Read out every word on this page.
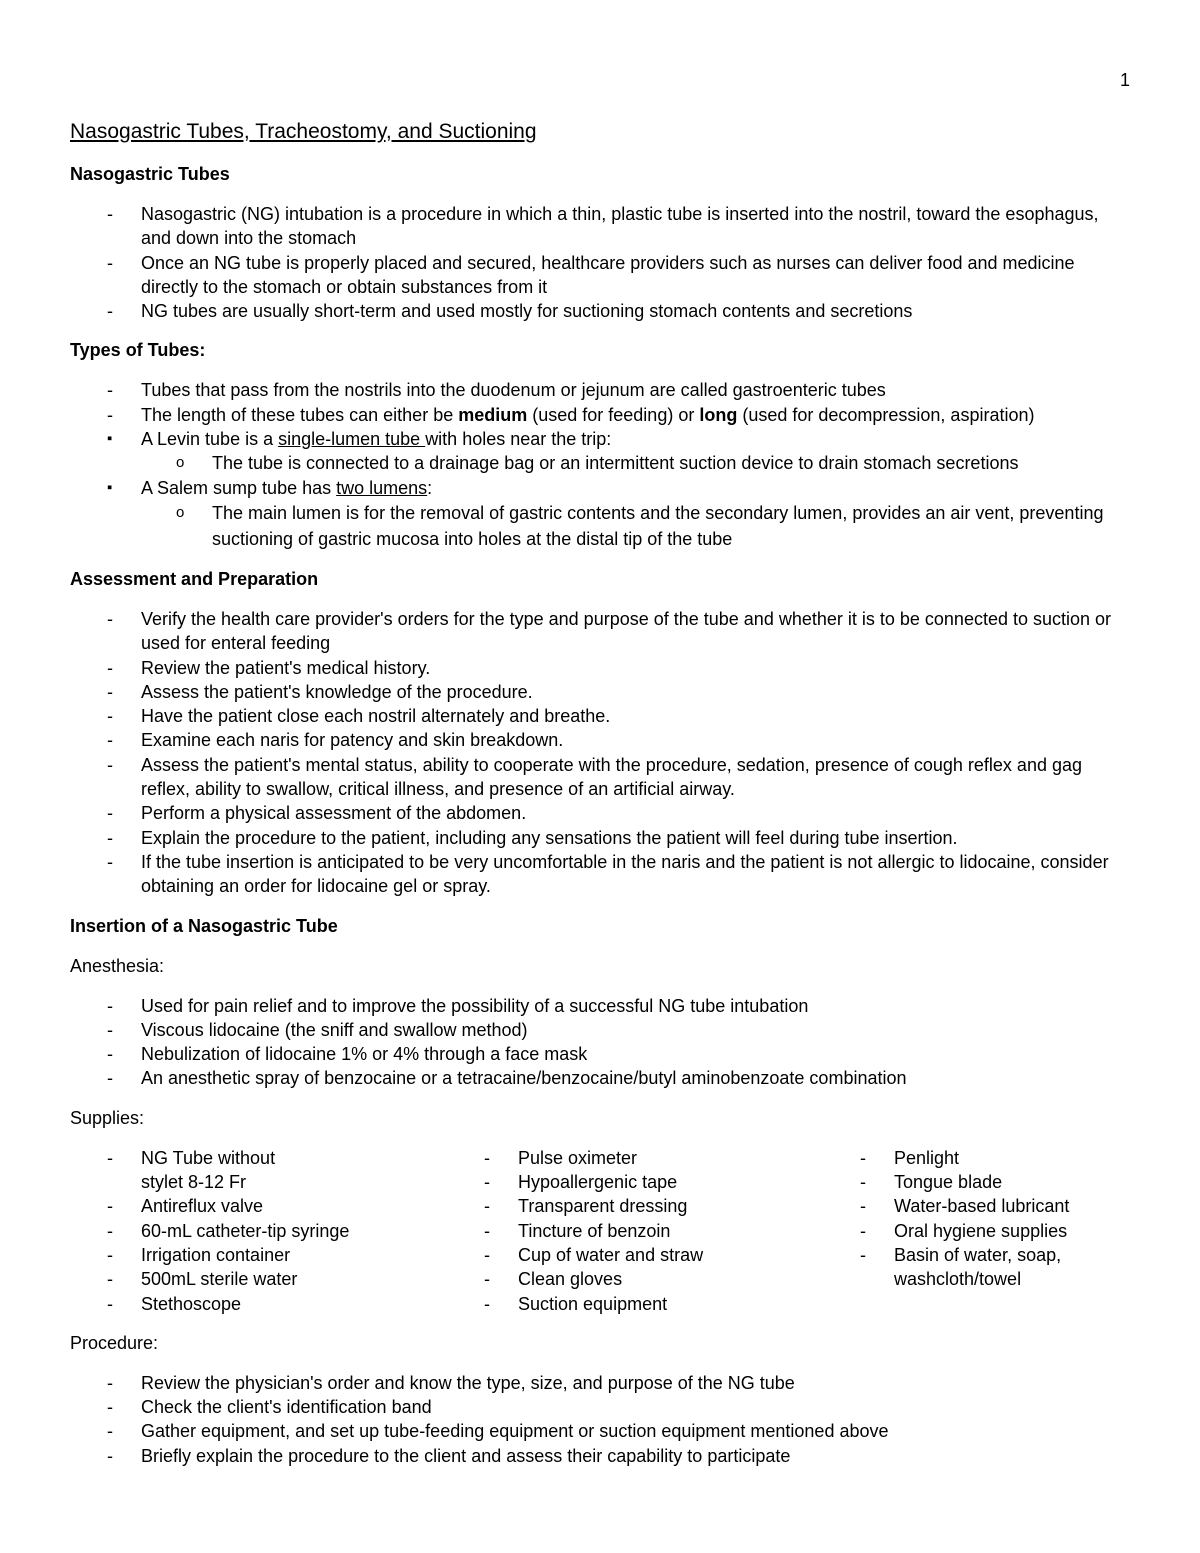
1
Nasogastric Tubes, Tracheostomy, and Suctioning
Nasogastric Tubes
- Nasogastric (NG) intubation is a procedure in which a thin, plastic tube is inserted into the nostril, toward the esophagus, and down into the stomach
- Once an NG tube is properly placed and secured, healthcare providers such as nurses can deliver food and medicine directly to the stomach or obtain substances from it
- NG tubes are usually short-term and used mostly for suctioning stomach contents and secretions
Types of Tubes:
- Tubes that pass from the nostrils into the duodenum or jejunum are called gastroenteric tubes
- The length of these tubes can either be medium (used for feeding) or long (used for decompression, aspiration)
▪ A Levin tube is a single-lumen tube with holes near the trip:
o The tube is connected to a drainage bag or an intermittent suction device to drain stomach secretions
▪ A Salem sump tube has two lumens:
o The main lumen is for the removal of gastric contents and the secondary lumen, provides an air vent, preventing suctioning of gastric mucosa into holes at the distal tip of the tube
Assessment and Preparation
- Verify the health care provider's orders for the type and purpose of the tube and whether it is to be connected to suction or used for enteral feeding
- Review the patient's medical history.
- Assess the patient's knowledge of the procedure.
- Have the patient close each nostril alternately and breathe.
- Examine each naris for patency and skin breakdown.
- Assess the patient's mental status, ability to cooperate with the procedure, sedation, presence of cough reflex and gag reflex, ability to swallow, critical illness, and presence of an artificial airway.
- Perform a physical assessment of the abdomen.
- Explain the procedure to the patient, including any sensations the patient will feel during tube insertion.
- If the tube insertion is anticipated to be very uncomfortable in the naris and the patient is not allergic to lidocaine, consider obtaining an order for lidocaine gel or spray.
Insertion of a Nasogastric Tube

Anesthesia:

- Used for pain relief and to improve the possibility of a successful NG tube intubation
- Viscous lidocaine (the sniff and swallow method)
- Nebulization of lidocaine 1% or 4% through a face mask
- An anesthetic spray of benzocaine or a tetracaine/benzocaine/butyl aminobenzoate combination

Supplies:

- NG Tube without stylet 8-12 Fr
- Antireflux valve
- 60-mL catheter-tip syringe
- Irrigation container
- 500mL sterile water
- Stethoscope
- Pulse oximeter
- Hypoallergenic tape
- Transparent dressing
- Tincture of benzoin
- Cup of water and straw
- Clean gloves
- Suction equipment
- Penlight
- Tongue blade
- Water-based lubricant
- Oral hygiene supplies
- Basin of water, soap, washcloth/towel

Procedure:

- Review the physician's order and know the type, size, and purpose of the NG tube
- Check the client's identification band
- Gather equipment, and set up tube-feeding equipment or suction equipment mentioned above
- Briefly explain the procedure to the client and assess their capability to participate
